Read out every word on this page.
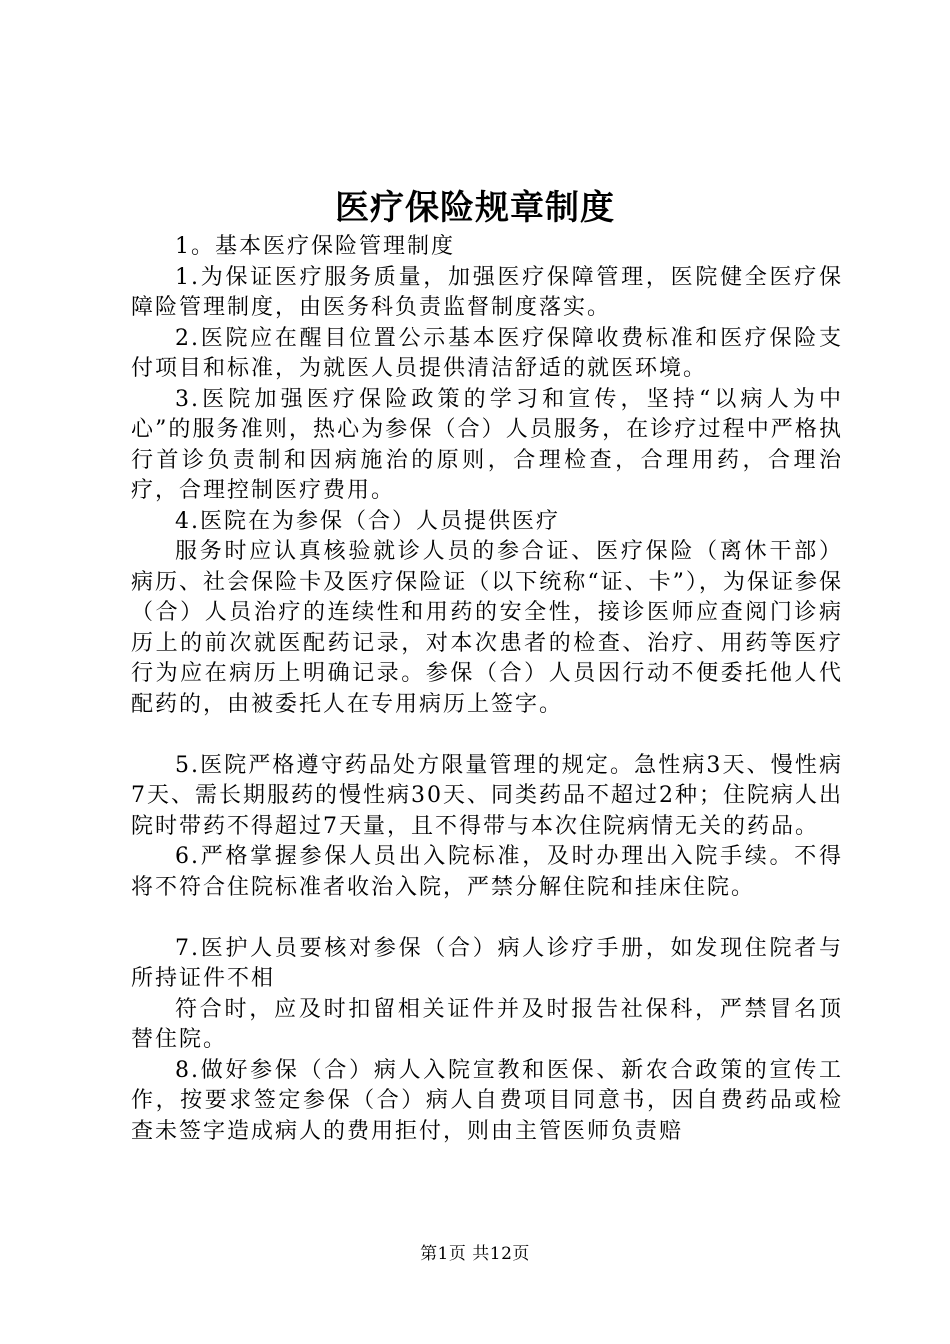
医疗保险规章制度

1。基本医疗保险管理制度

1.为保证医疗服务质量，加强医疗保障管理，医院健全医疗保障险管理制度，由医务科负责监督制度落实。

2.医院应在醒目位置公示基本医疗保障收费标准和医疗保险支付项目和标准，为就医人员提供清洁舒适的就医环境。

3.医院加强医疗保险政策的学习和宣传，坚持“以病人为中心”的服务准则，热心为参保（合）人员服务，在诊疗过程中严格执行首诊负责制和因病施治的原则，合理检查，合理用药，合理治疗，合理控制医疗费用。

4.医院在为参保（合）人员提供医疗

服务时应认真核验就诊人员的参合证、医疗保险（离休干部）病历、社会保险卡及医疗保险证（以下统称“证、卡”），为保证参保（合）人员治疗的连续性和用药的安全性，接诊医师应查阅门诊病历上的前次就医配药记录，对本次患者的检查、治疗、用药等医疗行为应在病历上明确记录。参保（合）人员因行动不便委托他人代配药的，由被委托人在专用病历上签字。

5.医院严格遵守药品处方限量管理的规定。急性病3天、慢性病7天、需长期服药的慢性病30天、同类药品不超过2种；住院病人出院时带药不得超过7天量，且不得带与本次住院病情无关的药品。

6.严格掌握参保人员出入院标准，及时办理出入院手续。不得将不符合住院标准者收治入院，严禁分解住院和挂床住院。

7.医护人员要核对参保（合）病人诊疗手册，如发现住院者与所持证件不相

符合时，应及时扣留相关证件并及时报告社保科，严禁冒名顶替住院。

8.做好参保（合）病人入院宣教和医保、新农合政策的宣传工作，按要求签定参保（合）病人自费项目同意书，因自费药品或检查未签字造成病人的费用拒付，则由主管医师负责赔

第1页 共12页
